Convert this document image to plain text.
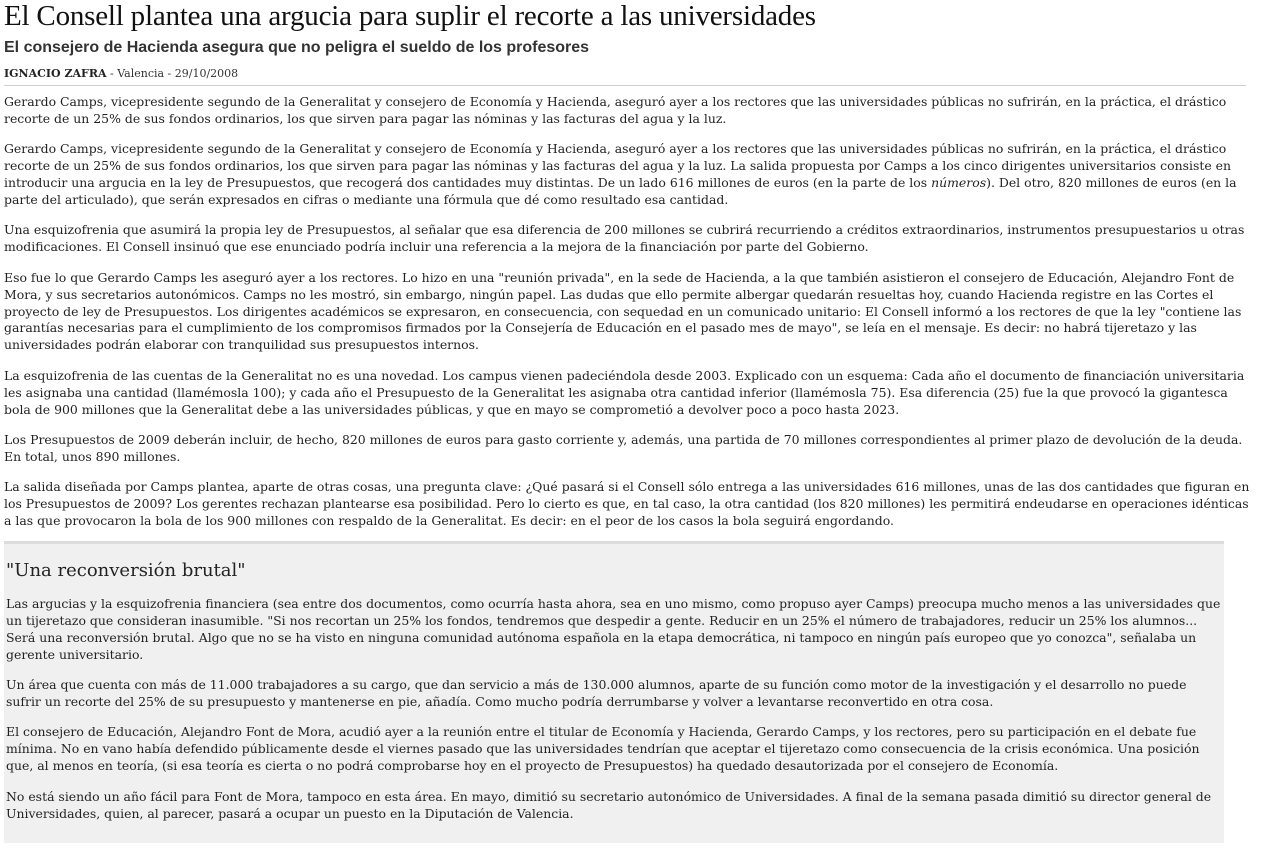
El Consell plantea una argucia para suplir el recorte a las universidades
El consejero de Hacienda asegura que no peligra el sueldo de los profesores
IGNACIO ZAFRA - Valencia - 29/10/2008

Gerardo Camps, vicepresidente segundo de la Generalitat y consejero de Economía y Hacienda, aseguró ayer a los rectores que las universidades públicas no sufrirán, en la práctica, el drástico recorte de un 25% de sus fondos ordinarios, los que sirven para pagar las nóminas y las facturas del agua y la luz.

Gerardo Camps, vicepresidente segundo de la Generalitat y consejero de Economía y Hacienda, aseguró ayer a los rectores que las universidades públicas no sufrirán, en la práctica, el drástico recorte de un 25% de sus fondos ordinarios, los que sirven para pagar las nóminas y las facturas del agua y la luz. La salida propuesta por Camps a los cinco dirigentes universitarios consiste en introducir una argucia en la ley de Presupuestos, que recogerá dos cantidades muy distintas. De un lado 616 millones de euros (en la parte de los números). Del otro, 820 millones de euros (en la parte del articulado), que serán expresados en cifras o mediante una fórmula que dé como resultado esa cantidad.

Una esquizofrenia que asumirá la propia ley de Presupuestos, al señalar que esa diferencia de 200 millones se cubrirá recurriendo a créditos extraordinarios, instrumentos presupuestarios u otras modificaciones. El Consell insinuó que ese enunciado podría incluir una referencia a la mejora de la financiación por parte del Gobierno.

Eso fue lo que Gerardo Camps les aseguró ayer a los rectores. Lo hizo en una "reunión privada", en la sede de Hacienda, a la que también asistieron el consejero de Educación, Alejandro Font de Mora, y sus secretarios autonómicos. Camps no les mostró, sin embargo, ningún papel. Las dudas que ello permite albergar quedarán resueltas hoy, cuando Hacienda registre en las Cortes el proyecto de ley de Presupuestos. Los dirigentes académicos se expresaron, en consecuencia, con sequedad en un comunicado unitario: El Consell informó a los rectores de que la ley "contiene las garantías necesarias para el cumplimiento de los compromisos firmados por la Consejería de Educación en el pasado mes de mayo", se leía en el mensaje. Es decir: no habrá tijeretazo y las universidades podrán elaborar con tranquilidad sus presupuestos internos.

La esquizofrenia de las cuentas de la Generalitat no es una novedad. Los campus vienen padeciéndola desde 2003. Explicado con un esquema: Cada año el documento de financiación universitaria les asignaba una cantidad (llamémosla 100); y cada año el Presupuesto de la Generalitat les asignaba otra cantidad inferior (llamémosla 75). Esa diferencia (25) fue la que provocó la gigantesca bola de 900 millones que la Generalitat debe a las universidades públicas, y que en mayo se comprometió a devolver poco a poco hasta 2023.

Los Presupuestos de 2009 deberán incluir, de hecho, 820 millones de euros para gasto corriente y, además, una partida de 70 millones correspondientes al primer plazo de devolución de la deuda. En total, unos 890 millones.

La salida diseñada por Camps plantea, aparte de otras cosas, una pregunta clave: ¿Qué pasará si el Consell sólo entrega a las universidades 616 millones, unas de las dos cantidades que figuran en los Presupuestos de 2009? Los gerentes rechazan plantearse esa posibilidad. Pero lo cierto es que, en tal caso, la otra cantidad (los 820 millones) les permitirá endeudarse en operaciones idénticas a las que provocaron la bola de los 900 millones con respaldo de la Generalitat. Es decir: en el peor de los casos la bola seguirá engordando.

"Una reconversión brutal"

Las argucias y la esquizofrenia financiera (sea entre dos documentos, como ocurría hasta ahora, sea en uno mismo, como propuso ayer Camps) preocupa mucho menos a las universidades que un tijeretazo que consideran inasumible. "Si nos recortan un 25% los fondos, tendremos que despedir a gente. Reducir en un 25% el número de trabajadores, reducir un 25% los alumnos... Será una reconversión brutal. Algo que no se ha visto en ninguna comunidad autónoma española en la etapa democrática, ni tampoco en ningún país europeo que yo conozca", señalaba un gerente universitario.

Un área que cuenta con más de 11.000 trabajadores a su cargo, que dan servicio a más de 130.000 alumnos, aparte de su función como motor de la investigación y el desarrollo no puede sufrir un recorte del 25% de su presupuesto y mantenerse en pie, añadía. Como mucho podría derrumbarse y volver a levantarse reconvertido en otra cosa.

El consejero de Educación, Alejandro Font de Mora, acudió ayer a la reunión entre el titular de Economía y Hacienda, Gerardo Camps, y los rectores, pero su participación en el debate fue mínima. No en vano había defendido públicamente desde el viernes pasado que las universidades tendrían que aceptar el tijeretazo como consecuencia de la crisis económica. Una posición que, al menos en teoría, (si esa teoría es cierta o no podrá comprobarse hoy en el proyecto de Presupuestos) ha quedado desautorizada por el consejero de Economía.

No está siendo un año fácil para Font de Mora, tampoco en esta área. En mayo, dimitió su secretario autonómico de Universidades. A final de la semana pasada dimitió su director general de Universidades, quien, al parecer, pasará a ocupar un puesto en la Diputación de Valencia.
